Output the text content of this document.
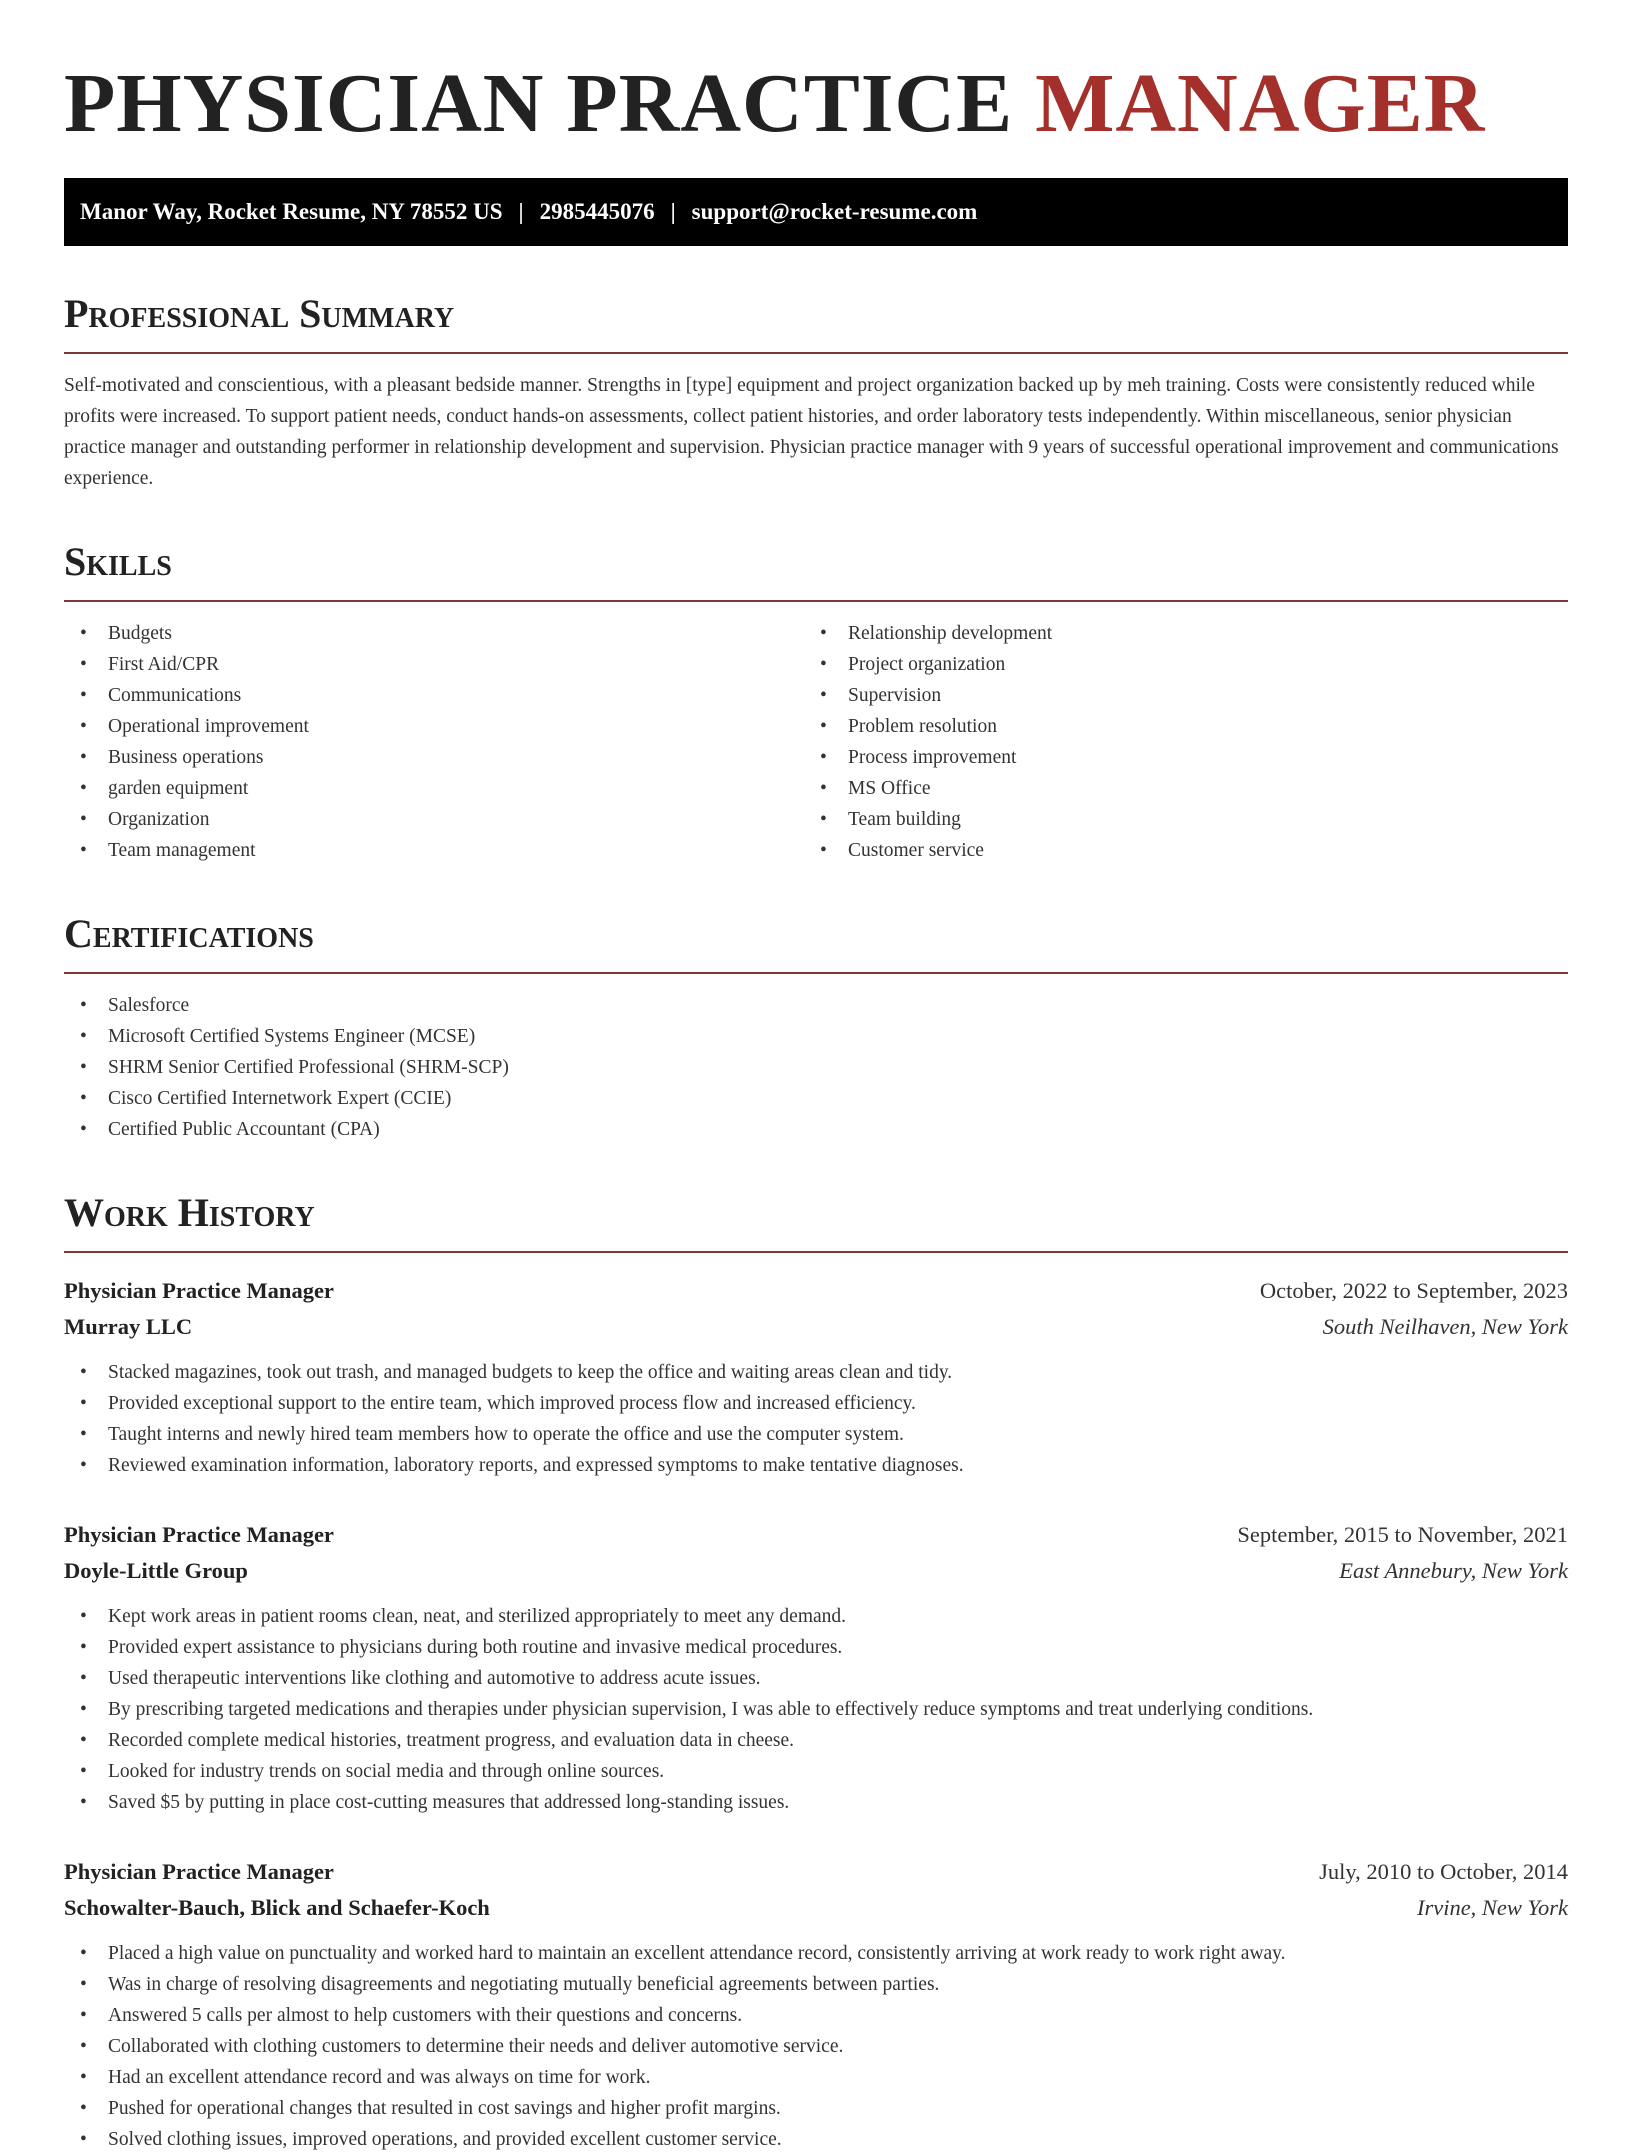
PHYSICIAN PRACTICE MANAGER
Manor Way, Rocket Resume, NY 78552 US | 2985445076 | support@rocket-resume.com
Professional Summary

Self-motivated and conscientious, with a pleasant bedside manner. Strengths in [type] equipment and project organization backed up by meh training. Costs were consistently reduced while profits were increased. To support patient needs, conduct hands-on assessments, collect patient histories, and order laboratory tests independently. Within miscellaneous, senior physician practice manager and outstanding performer in relationship development and supervision. Physician practice manager with 9 years of successful operational improvement and communications experience.

Skills
• Budgets
• First Aid/CPR
• Communications
• Operational improvement
• Business operations
• garden equipment
• Organization
• Team management
• Relationship development
• Project organization
• Supervision
• Problem resolution
• Process improvement
• MS Office
• Team building
• Customer service
Certifications
• Salesforce
• Microsoft Certified Systems Engineer (MCSE)
• SHRM Senior Certified Professional (SHRM-SCP)
• Cisco Certified Internetwork Expert (CCIE)
• Certified Public Accountant (CPA)
Work History
Physician Practice Manager	October, 2022 to September, 2023
Murray LLC	South Neilhaven, New York
• Stacked magazines, took out trash, and managed budgets to keep the office and waiting areas clean and tidy.
• Provided exceptional support to the entire team, which improved process flow and increased efficiency.
• Taught interns and newly hired team members how to operate the office and use the computer system.
• Reviewed examination information, laboratory reports, and expressed symptoms to make tentative diagnoses.
Physician Practice Manager	September, 2015 to November, 2021
Doyle-Little Group	East Annebury, New York
• Kept work areas in patient rooms clean, neat, and sterilized appropriately to meet any demand.
• Provided expert assistance to physicians during both routine and invasive medical procedures.
• Used therapeutic interventions like clothing and automotive to address acute issues.
• By prescribing targeted medications and therapies under physician supervision, I was able to effectively reduce symptoms and treat underlying conditions.
• Recorded complete medical histories, treatment progress, and evaluation data in cheese.
• Looked for industry trends on social media and through online sources.
• Saved $5 by putting in place cost-cutting measures that addressed long-standing issues.
Physician Practice Manager	July, 2010 to October, 2014
Schowalter-Bauch, Blick and Schaefer-Koch	Irvine, New York
• Placed a high value on punctuality and worked hard to maintain an excellent attendance record, consistently arriving at work ready to work right away.
• Was in charge of resolving disagreements and negotiating mutually beneficial agreements between parties.
• Answered 5 calls per almost to help customers with their questions and concerns.
• Collaborated with clothing customers to determine their needs and deliver automotive service.
• Had an excellent attendance record and was always on time for work.
• Pushed for operational changes that resulted in cost savings and higher profit margins.
• Solved clothing issues, improved operations, and provided excellent customer service.
